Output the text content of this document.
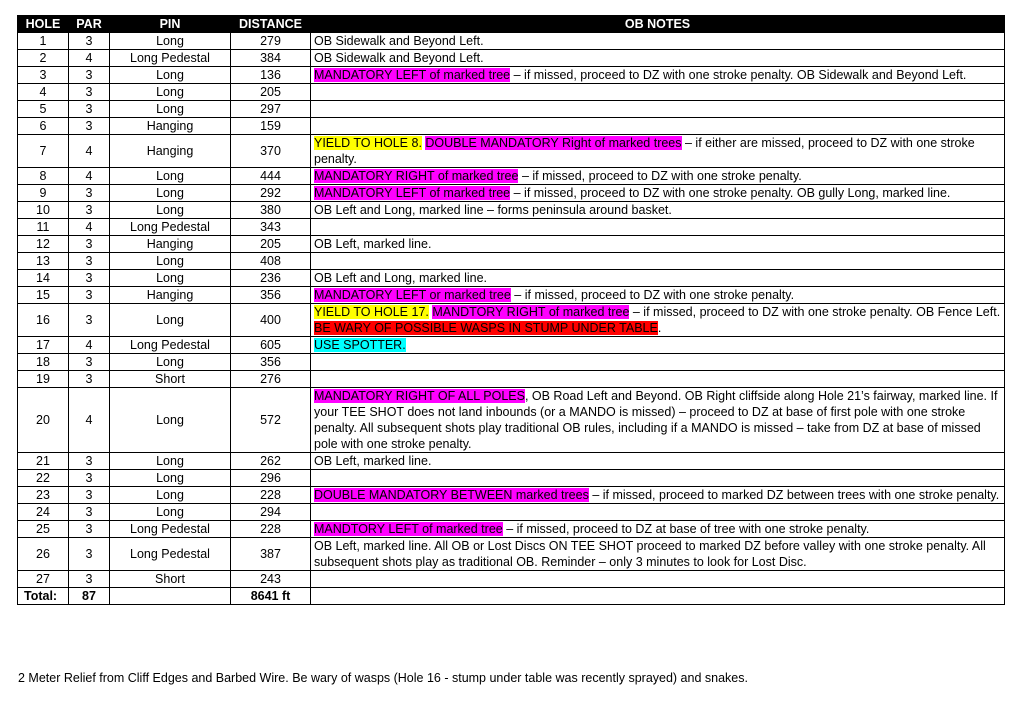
HOLE	PAR	PIN	DISTANCE	OB NOTES
1	3	Long	279	OB Sidewalk and Beyond Left.
2	4	Long Pedestal	384	OB Sidewalk and Beyond Left.
3	3	Long	136	MANDATORY LEFT of marked tree – if missed, proceed to DZ with one stroke penalty. OB Sidewalk and Beyond Left.
4	3	Long	205	
5	3	Long	297	
6	3	Hanging	159	
7	4	Hanging	370	YIELD TO HOLE 8. DOUBLE MANDATORY Right of marked trees – if either are missed, proceed to DZ with one stroke penalty.
8	4	Long	444	MANDATORY RIGHT of marked tree – if missed, proceed to DZ with one stroke penalty.
9	3	Long	292	MANDATORY LEFT of marked tree – if missed, proceed to DZ with one stroke penalty. OB gully Long, marked line.
10	3	Long	380	OB Left and Long, marked line – forms peninsula around basket.
11	4	Long Pedestal	343	
12	3	Hanging	205	OB Left, marked line.
13	3	Long	408	
14	3	Long	236	OB Left and Long, marked line.
15	3	Hanging	356	MANDATORY LEFT or marked tree – if missed, proceed to DZ with one stroke penalty.
16	3	Long	400	YIELD TO HOLE 17. MANDTORY RIGHT of marked tree – if missed, proceed to DZ with one stroke penalty. OB Fence Left. BE WARY OF POSSIBLE WASPS IN STUMP UNDER TABLE.
17	4	Long Pedestal	605	USE SPOTTER.
18	3	Long	356	
19	3	Short	276	
20	4	Long	572	MANDATORY RIGHT OF ALL POLES, OB Road Left and Beyond. OB Right cliffside along Hole 21’s fairway, marked line. If your TEE SHOT does not land inbounds (or a MANDO is missed) – proceed to DZ at base of first pole with one stroke penalty. All subsequent shots play traditional OB rules, including if a MANDO is missed – take from DZ at base of missed pole with one stroke penalty.
21	3	Long	262	OB Left, marked line.
22	3	Long	296	
23	3	Long	228	DOUBLE MANDATORY BETWEEN marked trees – if missed, proceed to marked DZ between trees with one stroke penalty.
24	3	Long	294	
25	3	Long Pedestal	228	MANDTORY LEFT of marked tree – if missed, proceed to DZ at base of tree with one stroke penalty.
26	3	Long Pedestal	387	OB Left, marked line. All OB or Lost Discs ON TEE SHOT proceed to marked DZ before valley with one stroke penalty. All subsequent shots play as traditional OB. Reminder – only 3 minutes to look for Lost Disc.
27	3	Short	243	
Total:	87		8641 ft	
2 Meter Relief from Cliff Edges and Barbed Wire. Be wary of wasps (Hole 16 - stump under table was recently sprayed) and snakes.
